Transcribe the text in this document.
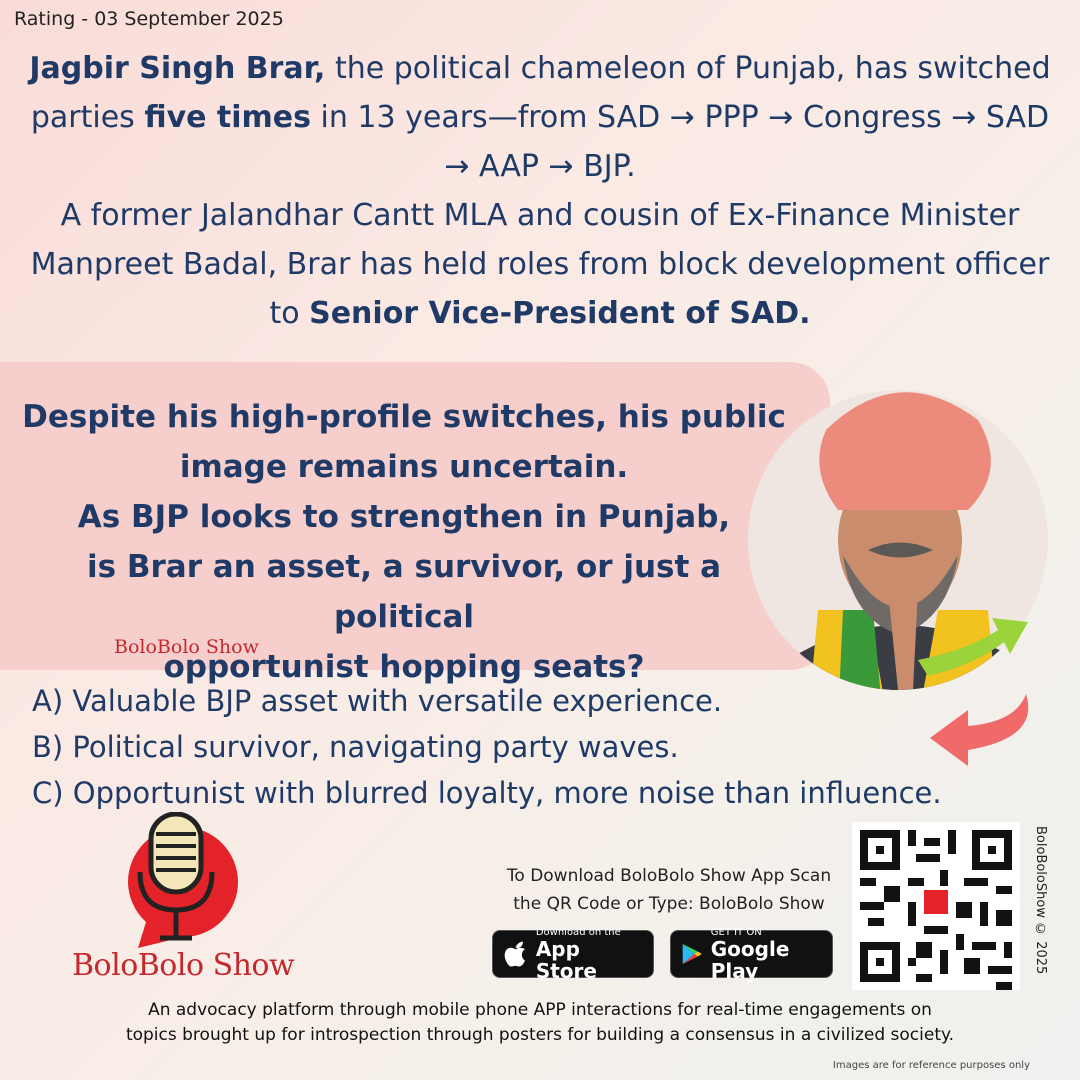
Rating - 03 September 2025
Jagbir Singh Brar, the political chameleon of Punjab, has switched parties five times in 13 years—from SAD → PPP → Congress → SAD → AAP → BJP.
A former Jalandhar Cantt MLA and cousin of Ex-Finance Minister Manpreet Badal, Brar has held roles from block development officer to Senior Vice-President of SAD.
Despite his high-profile switches, his public
image remains uncertain.
As BJP looks to strengthen in Punjab,
is Brar an asset, a survivor, or just a political
opportunist hopping seats?
BoloBolo Show
A) Valuable BJP asset with versatile experience.
B) Political survivor, navigating party waves.
C) Opportunist with blurred loyalty, more noise than influence.
BoloBolo Show
To Download BoloBolo Show App Scan
the QR Code or Type: BoloBolo Show
Download on the
App Store
GET IT ON
Google Play	BoloBoloShow © 2025
An advocacy platform through mobile phone APP interactions for real-time engagements on
topics brought up for introspection through posters for building a consensus in a civilized society.
Images are for reference purposes only
